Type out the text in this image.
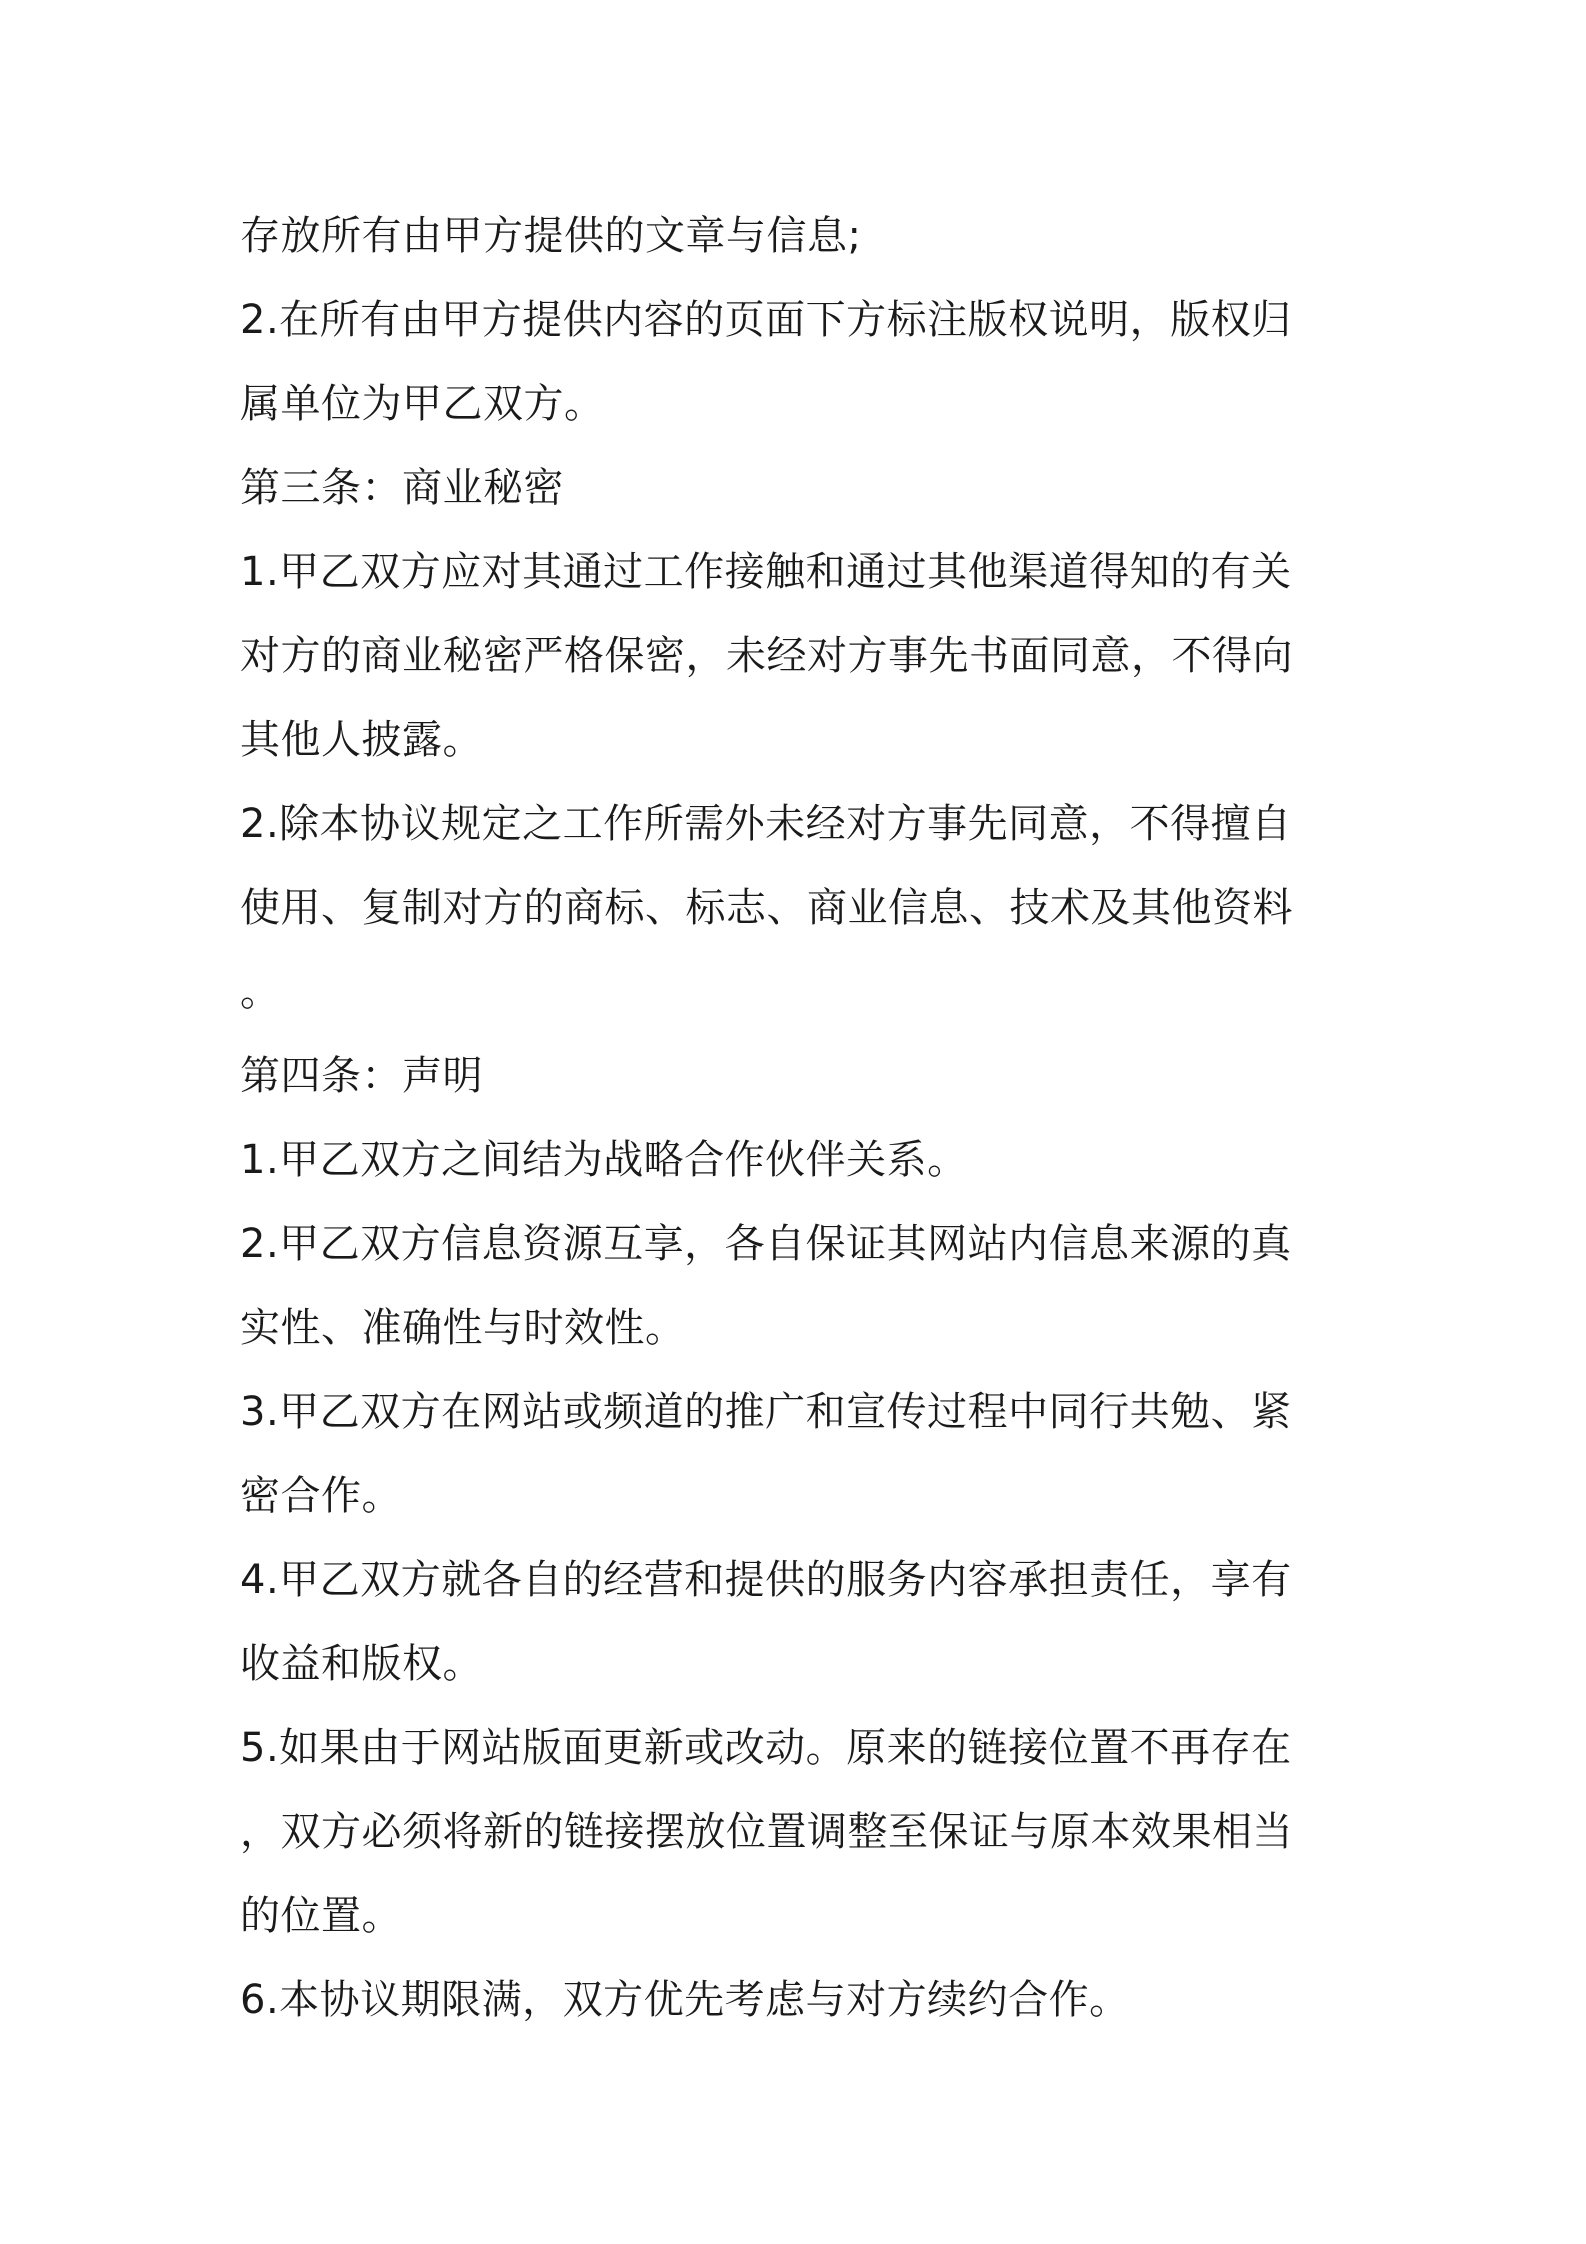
存放所有由甲方提供的文章与信息;
2.在所有由甲方提供内容的页面下方标注版权说明，版权归
属单位为甲乙双方。
第三条：商业秘密
1.甲乙双方应对其通过工作接触和通过其他渠道得知的有关
对方的商业秘密严格保密，未经对方事先书面同意，不得向
其他人披露。
2.除本协议规定之工作所需外未经对方事先同意，不得擅自
使用、复制对方的商标、标志、商业信息、技术及其他资料
。
第四条：声明
1.甲乙双方之间结为战略合作伙伴关系。
2.甲乙双方信息资源互享，各自保证其网站内信息来源的真
实性、准确性与时效性。
3.甲乙双方在网站或频道的推广和宣传过程中同行共勉、紧
密合作。
4.甲乙双方就各自的经营和提供的服务内容承担责任，享有
收益和版权。
5.如果由于网站版面更新或改动。原来的链接位置不再存在
，双方必须将新的链接摆放位置调整至保证与原本效果相当
的位置。
6.本协议期限满，双方优先考虑与对方续约合作。
